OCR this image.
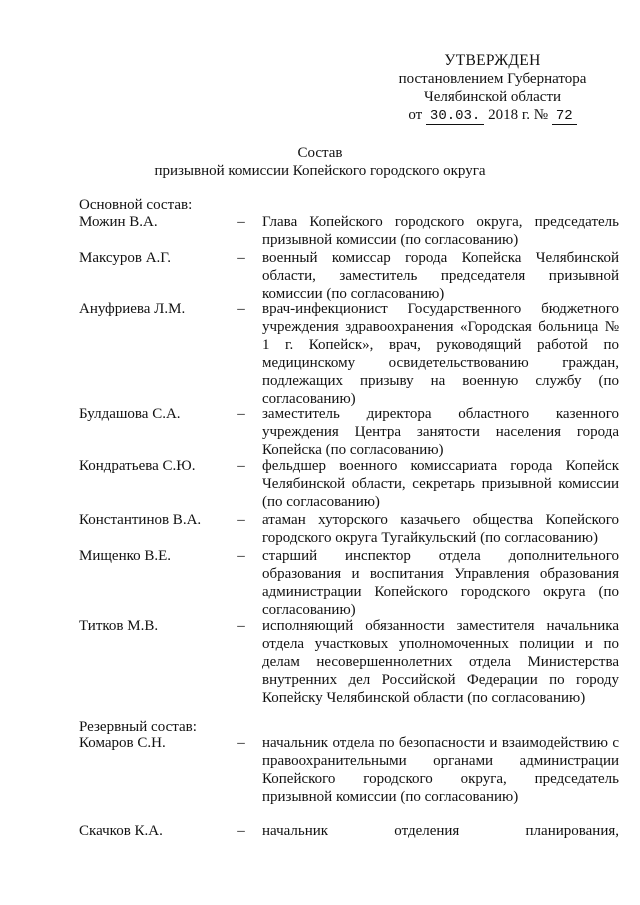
УТВЕРЖДЕН
постановлением Губернатора
Челябинской области
от 30.03. 2018 г. № 72
Состав
призывной комиссии Копейского городского округа
Основной состав:
Можин В.А.	– Глава Копейского городского округа, председатель призывной комиссии (по согласованию)
Максуров А.Г.	– военный комиссар города Копейска Челябинской области, заместитель председателя призывной комиссии (по согласованию)
Ануфриева Л.М.	– врач-инфекционист Государственного бюджетного учреждения здравоохранения «Городская больница № 1 г. Копейск», врач, руководящий работой по медицинскому освидетельствованию граждан, подлежащих призыву на военную службу (по согласованию)
Булдашова С.А.	– заместитель директора областного казенного учреждения Центра занятости населения города Копейска (по согласованию)
Кондратьева С.Ю.	– фельдшер военного комиссариата города Копейск Челябинской области, секретарь призывной комиссии (по согласованию)
Константинов В.А.	– атаман хуторского казачьего общества Копейского городского округа Тугайкульский (по согласованию)
Мищенко В.Е.	– старший инспектор отдела дополнительного образования и воспитания Управления образования администрации Копейского городского округа (по согласованию)
Титков М.В.	– исполняющий обязанности заместителя начальника отдела участковых уполномоченных полиции и по делам несовершеннолетних отдела Министерства внутренних дел Российской Федерации по городу Копейску Челябинской области (по согласованию)
Резервный состав:
Комаров С.Н.	– начальник отдела по безопасности и взаимодействию с правоохранительными органами администрации Копейского городского округа, председатель призывной комиссии (по согласованию)
Скачков К.А.	– начальник отделения планирования,
